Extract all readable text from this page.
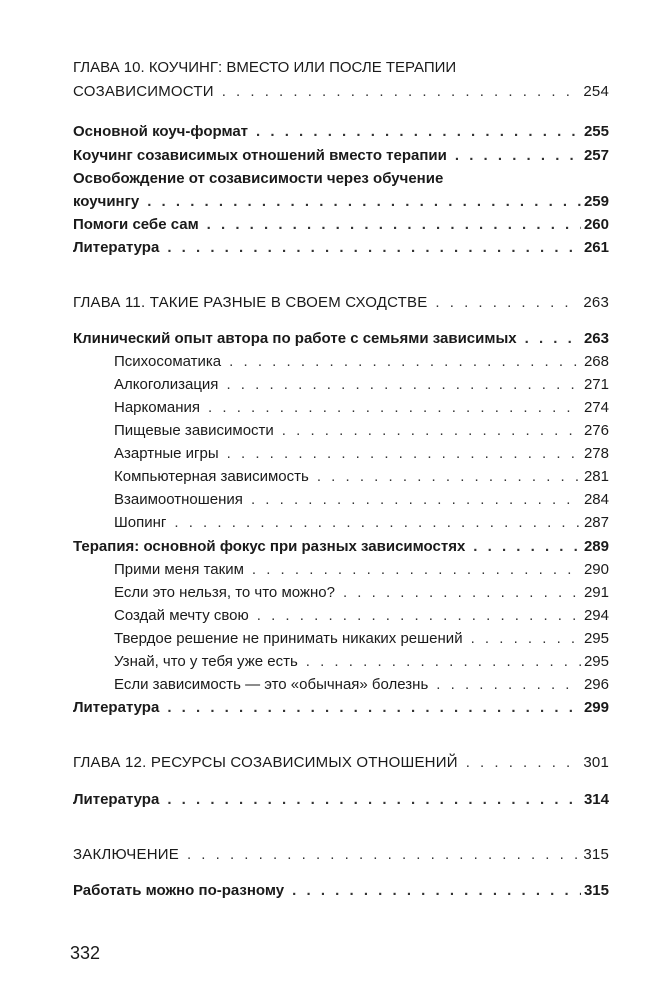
ГЛАВА 10. КОУЧИНГ: ВМЕСТО ИЛИ ПОСЛЕ ТЕРАПИИ
СОЗАВИСИМОСТИ . . .	254
Основной коуч-формат . . .	255
Коучинг созависимых отношений вместо терапии . . .	257
Освобождение от созависимости через обучение
коучингу . . .	259
Помоги себе сам . . .	260
Литература . . .	261
ГЛАВА 11. ТАКИЕ РАЗНЫЕ В СВОЕМ СХОДСТВЕ . . .	263
Клинический опыт автора по работе с семьями зависимых . . .	263
Психосоматика . . .	268
Алкоголизация . . .	271
Наркомания . . .	274
Пищевые зависимости . . .	276
Азартные игры . . .	278
Компьютерная зависимость . . .	281
Взаимоотношения . . .	284
Шопинг . . .	287
Терапия: основной фокус при разных зависимостях . . .	289
Прими меня таким . . .	290
Если это нельзя, то что можно? . . .	291
Создай мечту свою . . .	294
Твердое решение не принимать никаких решений . . .	295
Узнай, что у тебя уже есть . . .	295
Если зависимость — это «обычная» болезнь . . .	296
Литература . . .	299
ГЛАВА 12. РЕСУРСЫ СОЗАВИСИМЫХ ОТНОШЕНИЙ . . .	301
Литература . . .	314
ЗАКЛЮЧЕНИЕ . . .	315
Работать можно по-разному . . .	315
332
